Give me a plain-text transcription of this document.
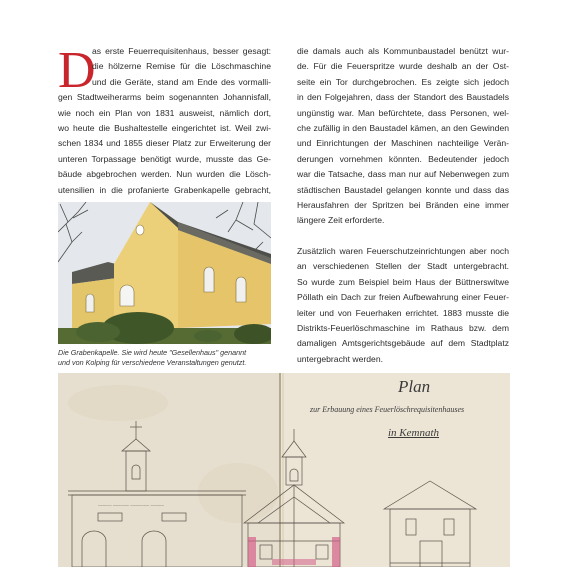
D
as erste Feuerrequisitenhaus, besser gesagt:
die hölzerne Remise für die Löschmaschine
und die Geräte, stand am Ende des vormalli-
gen Stadtweiherarms beim sogenannten Johannisfall,
wie noch ein Plan von 1831 ausweist, nämlich dort,
wo heute die Bushaltestelle eingerichtet ist. Weil zwi-
schen 1834 und 1855 dieser Platz zur Erweiterung der
unteren Torpassage benötigt wurde, musste das Ge-
bäude abgebrochen werden. Nun wurden die Lösch-
utensilien in die profanierte Grabenkapelle gebracht,
die damals auch als Kommunbaustadel benützt wur-
de. Für die Feuerspritze wurde deshalb an der Ost-
seite ein Tor durchgebrochen. Es zeigte sich jedoch
in den Folgejahren, dass der Standort des Baustadels
ungünstig war. Man befürchtete, dass Personen, wel-
che zufällig in den Baustadel kämen, an den Gewinden
und Einrichtungen der Maschinen nachteilige Verän-
derungen vornehmen könnten. Bedeutender jedoch
war die Tatsache, dass man nur auf Nebenwegen zum
städtischen Baustadel gelangen konnte und dass das
Herausfahren der Spritzen bei Bränden eine immer
längere Zeit erforderte.
Zusätzlich waren Feuerschutzeinrichtungen aber noch
an verschiedenen Stellen der Stadt untergebracht.
So wurde zum Beispiel beim Haus der Büttnerswitwe
Pöllath ein Dach zur freien Aufbewahrung einer Feuer-
leiter und von Feuerhaken errichtet. 1883 musste die
Distrikts-Feuerlöschmaschine im Rathaus bzw. dem
damaligen Amtsgerichtsgebäude auf dem Stadtplatz
untergebracht werden.
Die Grabenkapelle. Sie wird heute "Gesellenhaus" genannt
und von Kolping für verschiedene Veranstaltungen genutzt.
~~~~~ ~~~~~~ ~~~~~~~ ~~~~~
Plan
zur Erbauung eines Feuerlöschrequisitenhauses
in Kemnath
